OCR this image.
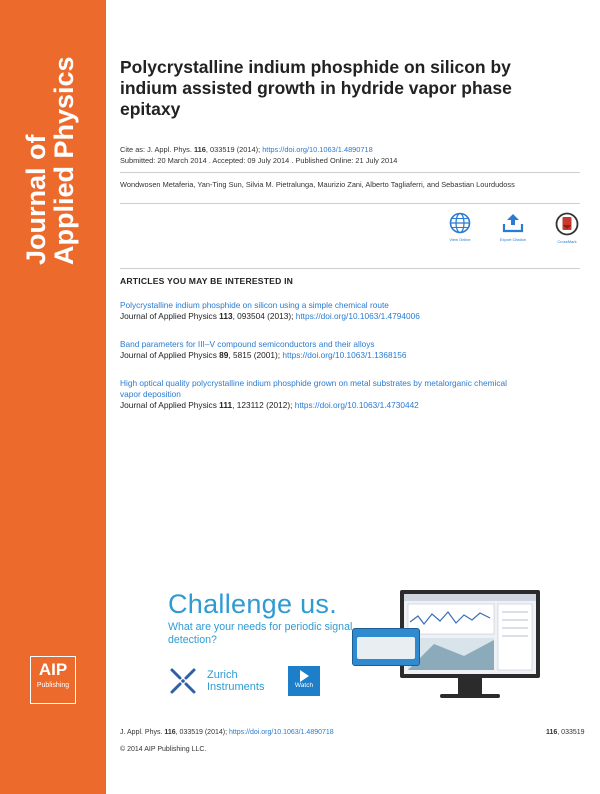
Journal of
Applied Physics
AIP
Publishing
Polycrystalline indium phosphide on silicon by indium assisted growth in hydride vapor phase epitaxy
Cite as: J. Appl. Phys. 116, 033519 (2014); https://doi.org/10.1063/1.4890718
Submitted: 20 March 2014 . Accepted: 09 July 2014 . Published Online: 21 July 2014
Wondwosen Metaferia, Yan-Ting Sun, Silvia M. Pietralunga, Maurizio Zani, Alberto Tagliaferri, and Sebastian Lourdudoss
View Online	Export Citation	CrossMark
ARTICLES YOU MAY BE INTERESTED IN
Polycrystalline indium phosphide on silicon using a simple chemical route
Journal of Applied Physics 113, 093504 (2013); https://doi.org/10.1063/1.4794006
Band parameters for III–V compound semiconductors and their alloys
Journal of Applied Physics 89, 5815 (2001); https://doi.org/10.1063/1.1368156
High optical quality polycrystalline indium phosphide grown on metal substrates by metalorganic chemical vapor deposition
Journal of Applied Physics 111, 123112 (2012); https://doi.org/10.1063/1.4730442
Challenge us.
What are your needs for periodic signal detection?
Zurich
Instruments	Watch
J. Appl. Phys. 116, 033519 (2014); https://doi.org/10.1063/1.4890718	116, 033519
© 2014 AIP Publishing LLC.
